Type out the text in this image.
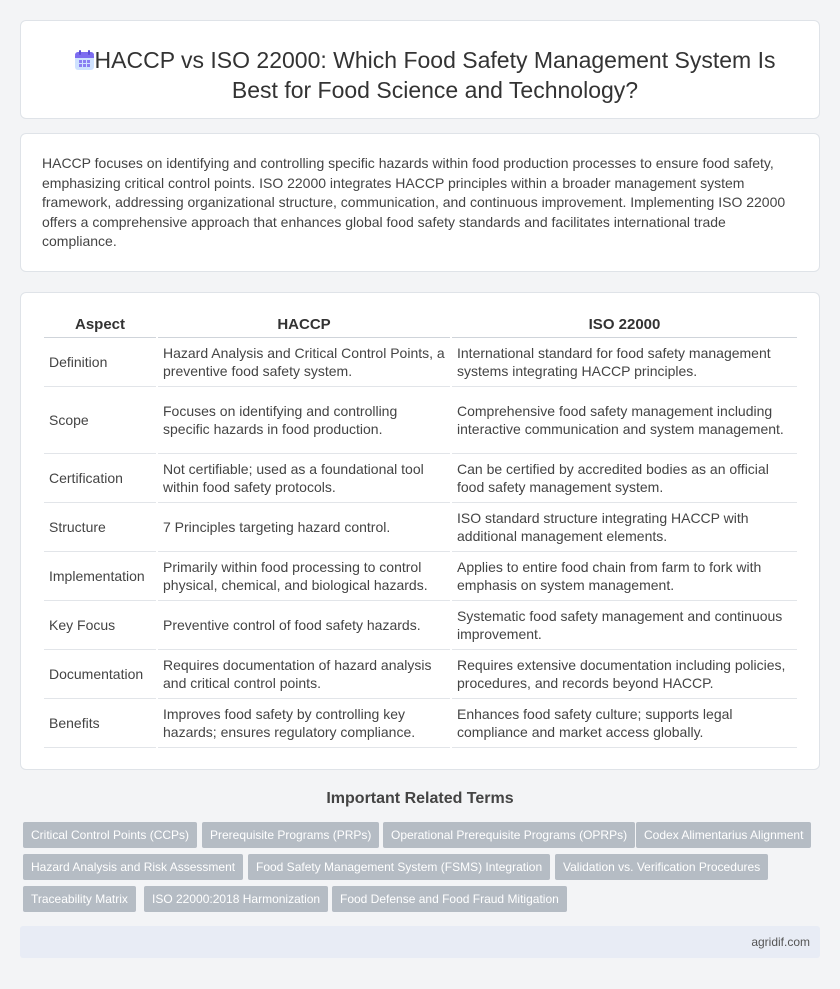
HACCP vs ISO 22000: Which Food Safety Management System Is Best for Food Science and Technology?

HACCP focuses on identifying and controlling specific hazards within food production processes to ensure food safety, emphasizing critical control points. ISO 22000 integrates HACCP principles within a broader management system framework, addressing organizational structure, communication, and continuous improvement. Implementing ISO 22000 offers a comprehensive approach that enhances global food safety standards and facilitates international trade compliance.

Aspect	HACCP	ISO 22000
Definition	Hazard Analysis and Critical Control Points, a preventive food safety system.	International standard for food safety management systems integrating HACCP principles.
Scope	Focuses on identifying and controlling specific hazards in food production.	Comprehensive food safety management including interactive communication and system management.
Certification	Not certifiable; used as a foundational tool within food safety protocols.	Can be certified by accredited bodies as an official food safety management system.
Structure	7 Principles targeting hazard control.	ISO standard structure integrating HACCP with additional management elements.
Implementation	Primarily within food processing to control physical, chemical, and biological hazards.	Applies to entire food chain from farm to fork with emphasis on system management.
Key Focus	Preventive control of food safety hazards.	Systematic food safety management and continuous improvement.
Documentation	Requires documentation of hazard analysis and critical control points.	Requires extensive documentation including policies, procedures, and records beyond HACCP.
Benefits	Improves food safety by controlling key hazards; ensures regulatory compliance.	Enhances food safety culture; supports legal compliance and market access globally.
Important Related Terms
Critical Control Points (CCPs)	Prerequisite Programs (PRPs)	Operational Prerequisite Programs (OPRPs)	Codex Alimentarius Alignment
Hazard Analysis and Risk Assessment	Food Safety Management System (FSMS) Integration	Validation vs. Verification Procedures
Traceability Matrix	ISO 22000:2018 Harmonization	Food Defense and Food Fraud Mitigation
agridif.com
